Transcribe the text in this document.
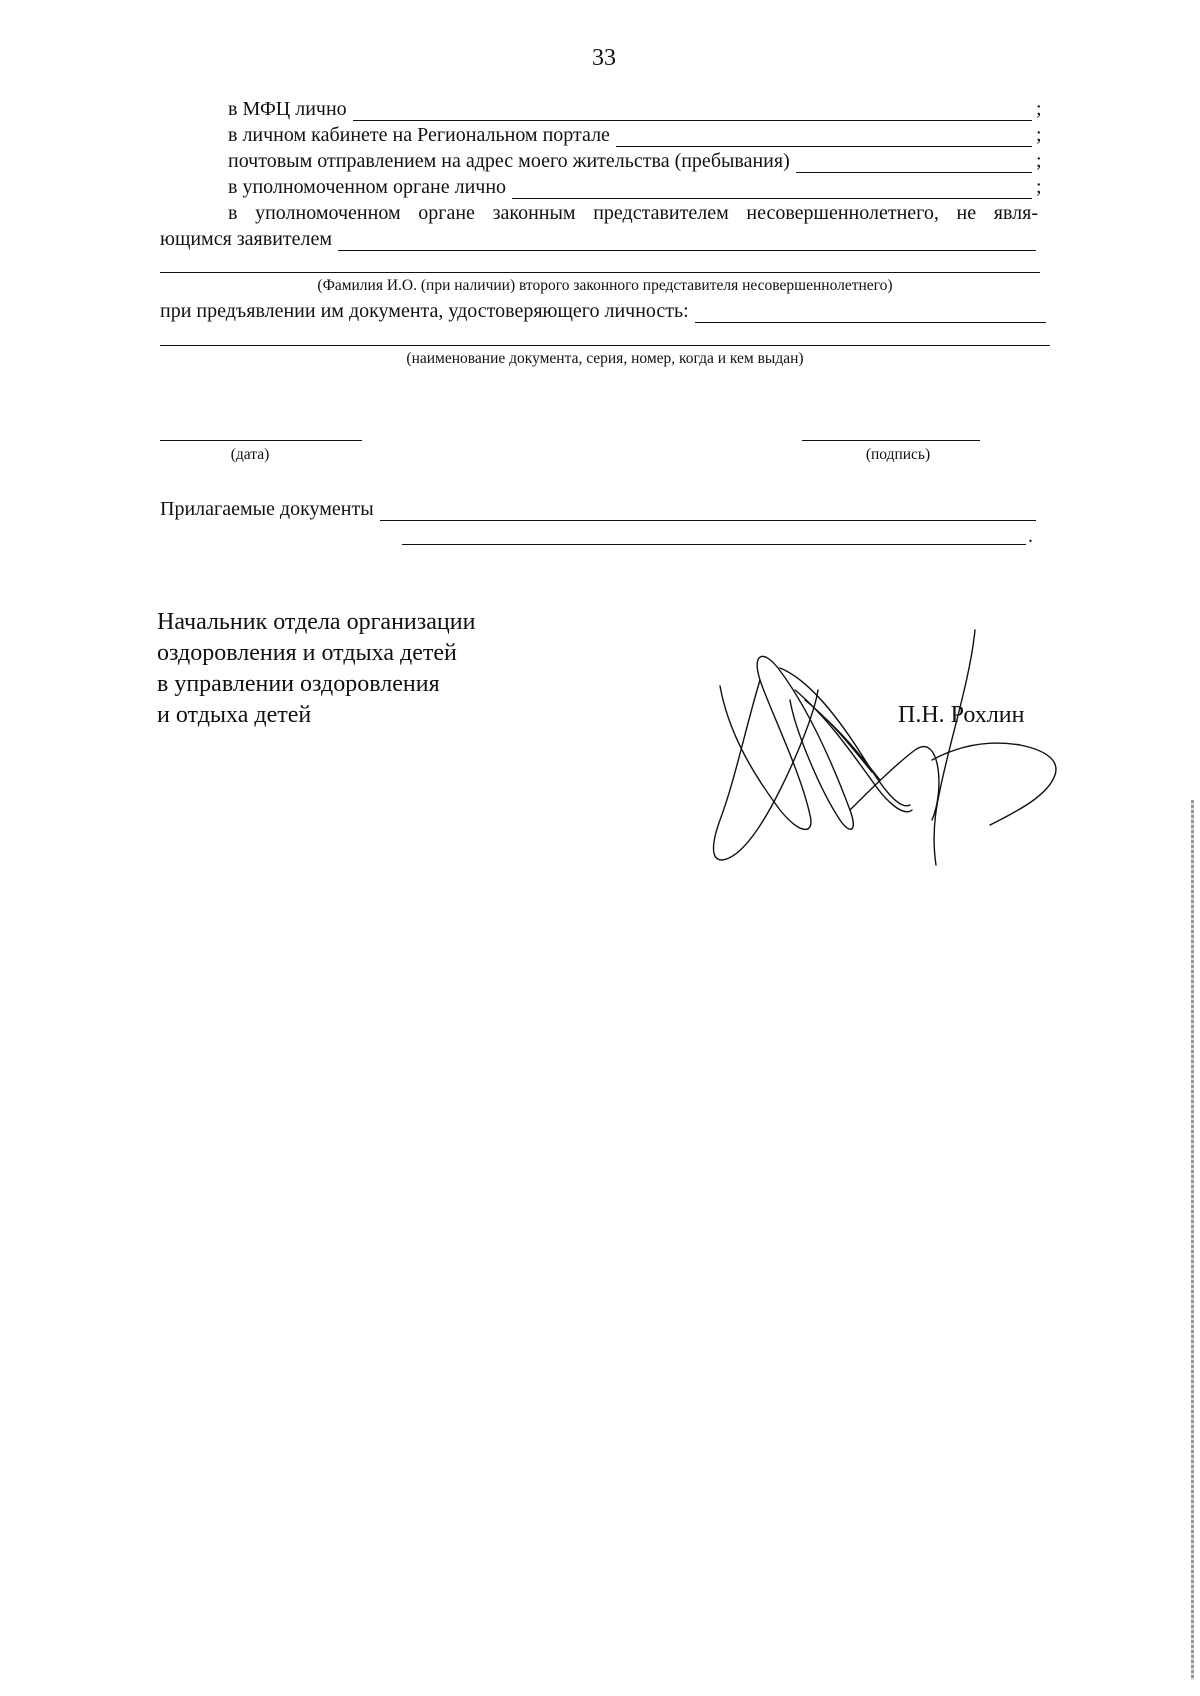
33
в МФЦ лично	;
в личном кабинете на Региональном портале	;
почтовым отправлением на адрес моего жительства (пребывания)	;
в уполномоченном органе лично	;
в уполномоченном органе законным представителем несовершеннолетнего, не явля-
ющимся заявителем
(Фамилия И.О. (при наличии) второго законного представителя несовершеннолетнего)
при предъявлении им документа, удостоверяющего личность:
(наименование документа, серия, номер, когда и кем выдан)
(дата)	(подпись)
Прилагаемые документы
.
Начальник отдела организации
оздоровления и отдыха детей
в управлении оздоровления
и отдыха детей	П.Н. Рохлин
